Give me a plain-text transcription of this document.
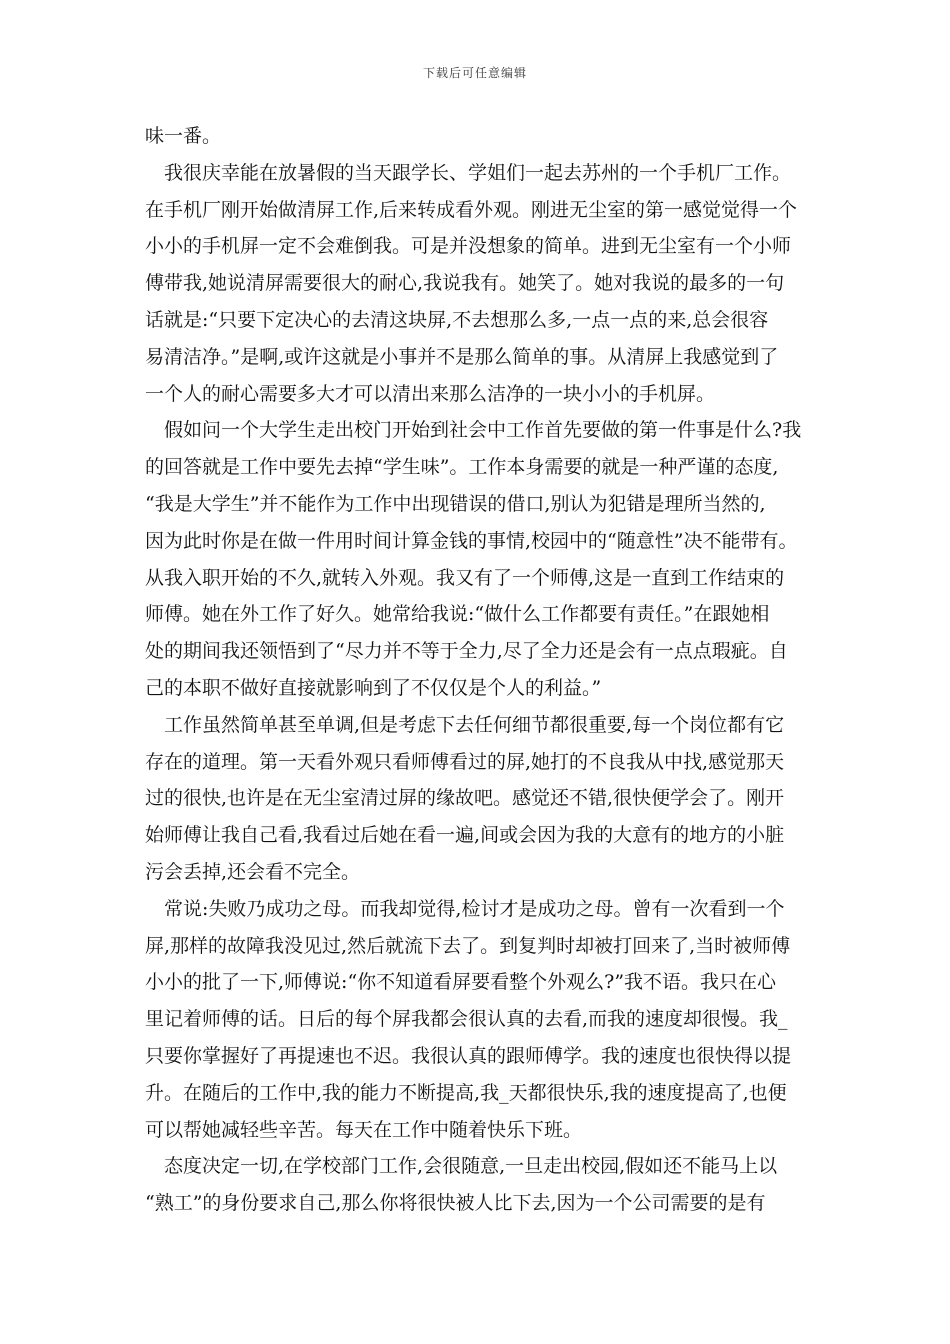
下载后可任意编辑
味一番。
我很庆幸能在放暑假的当天跟学长、学姐们一起去苏州的一个手机厂工作。
在手机厂刚开始做清屏工作,后来转成看外观。刚进无尘室的第一感觉觉得一个
小小的手机屏一定不会难倒我。可是并没想象的简单。进到无尘室有一个小师
傅带我,她说清屏需要很大的耐心,我说我有。她笑了。她对我说的最多的一句
话就是:“只要下定决心的去清这块屏,不去想那么多,一点一点的来,总会很容
易清洁净。”是啊,或许这就是小事并不是那么简单的事。从清屏上我感觉到了
一个人的耐心需要多大才可以清出来那么洁净的一块小小的手机屏。
假如问一个大学生走出校门开始到社会中工作首先要做的第一件事是什么?我
的回答就是工作中要先去掉“学生味”。工作本身需要的就是一种严谨的态度,
“我是大学生”并不能作为工作中出现错误的借口,别认为犯错是理所当然的,
因为此时你是在做一件用时间计算金钱的事情,校园中的“随意性”决不能带有。
从我入职开始的不久,就转入外观。我又有了一个师傅,这是一直到工作结束的
师傅。她在外工作了好久。她常给我说:“做什么工作都要有责任。”在跟她相
处的期间我还领悟到了“尽力并不等于全力,尽了全力还是会有一点点瑕疵。自
己的本职不做好直接就影响到了不仅仅是个人的利益。”
工作虽然简单甚至单调,但是考虑下去任何细节都很重要,每一个岗位都有它
存在的道理。第一天看外观只看师傅看过的屏,她打的不良我从中找,感觉那天
过的很快,也许是在无尘室清过屏的缘故吧。感觉还不错,很快便学会了。刚开
始师傅让我自己看,我看过后她在看一遍,间或会因为我的大意有的地方的小脏
污会丢掉,还会看不完全。
常说:失败乃成功之母。而我却觉得,检讨才是成功之母。曾有一次看到一个
屏,那样的故障我没见过,然后就流下去了。到复判时却被打回来了,当时被师傅
小小的批了一下,师傅说:“你不知道看屏要看整个外观么?”我不语。我只在心
里记着师傅的话。日后的每个屏我都会很认真的去看,而我的速度却很慢。我_
只要你掌握好了再提速也不迟。我很认真的跟师傅学。我的速度也很快得以提
升。在随后的工作中,我的能力不断提高,我_天都很快乐,我的速度提高了,也便
可以帮她减轻些辛苦。每天在工作中随着快乐下班。
态度决定一切,在学校部门工作,会很随意,一旦走出校园,假如还不能马上以
“熟工”的身份要求自己,那么你将很快被人比下去,因为一个公司需要的是有
